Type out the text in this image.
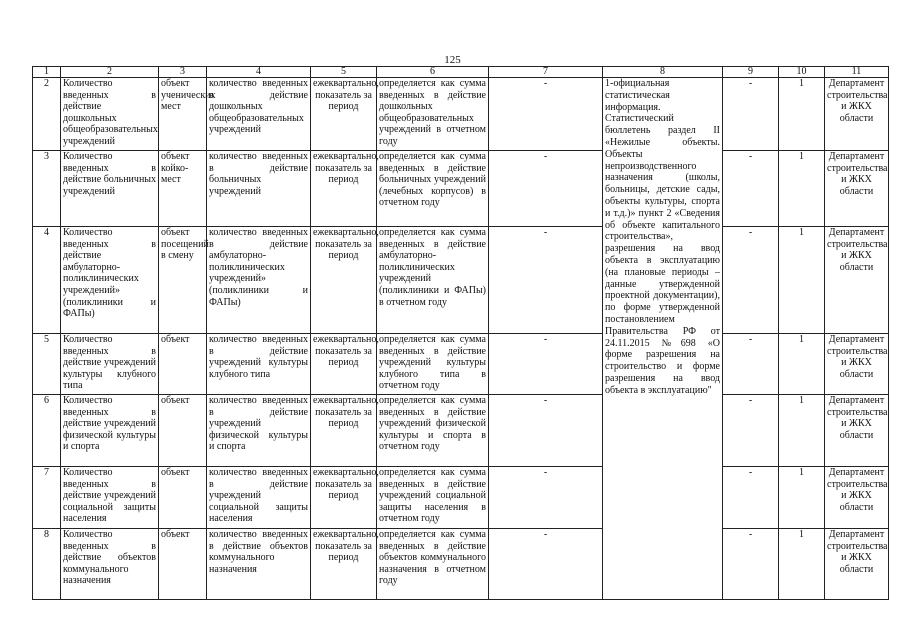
125
1	2	3	4	5	6	7	8	9	10	11
2	Количество введенных в действие дошкольных общеобразовательных учреждений	объект ученических мест	количество введенных в действие дошкольных общеобразовательных учреждений	ежеквартально, показатель за период	определяется как сумма введенных в действие дошкольных общеобразовательных учреждений в отчетном году	-	1-официальная статистическая информация. Статистический бюллетень раздел II «Нежилые объекты. Объекты непроизводственного назначения (школы, больницы, детские сады, объекты культуры, спорта и т.д.)» пункт 2 «Сведения об объекте капитального строительства», разрешения на ввод объекта в эксплуатацию (на плановые периоды – данные утвержденной проектной документации), по форме утвержденной постановлением Правительства РФ от 24.11.2015 №698 «О форме разрешения на строительство и форме разрешения на ввод объекта в эксплуатацию"	-	1	Департамент строительства и ЖКХ области
3	Количество введенных в действие больничных учреждений	объект койко-мест	количество введенных в действие больничных учреждений	ежеквартально, показатель за период	определяется как сумма введенных в действие больничных учреждений (лечебных корпусов) в отчетном году	-		-	1	Департамент строительства и ЖКХ области
4	Количество введенных в действие амбулаторно-поликлинических учреждений» (поликлиники и ФАПы)	объект посещений в смену	количество введенных в действие амбулаторно-поликлинических учреждений» (поликлиники и ФАПы)	ежеквартально, показатель за период	определяется как сумма введенных в действие амбулаторно-поликлинических учреждений (поликлиники и ФАПы) в отчетном году	-		-	1	Департамент строительства и ЖКХ области
5	Количество введенных в действие учреждений культуры клубного типа	объект	количество введенных в действие учреждений культуры клубного типа	ежеквартально, показатель за период	определяется как сумма введенных в действие учреждений культуры клубного типа в отчетном году	-		-	1	Департамент строительства и ЖКХ области
6	Количество введенных в действие учреждений физической культуры и спорта	объект	количество введенных в действие учреждений физической культуры и спорта	ежеквартально, показатель за период	определяется как сумма введенных в действие учреждений физической культуры и спорта в отчетном году	-		-	1	Департамент строительства и ЖКХ области
7	Количество введенных в действие учреждений социальной защиты населения	объект	количество введенных в действие учреждений социальной защиты населения	ежеквартально, показатель за период	определяется как сумма введенных в действие учреждений социальной защиты населения в отчетном году	-		-	1	Департамент строительства и ЖКХ области
8	Количество введенных в действие объектов коммунального назначения	объект	количество введенных в действие объектов коммунального назначения	ежеквартально, показатель за период	определяется как сумма введенных в действие объектов коммунального назначения в отчетном году	-		-	1	Департамент строительства и ЖКХ области
